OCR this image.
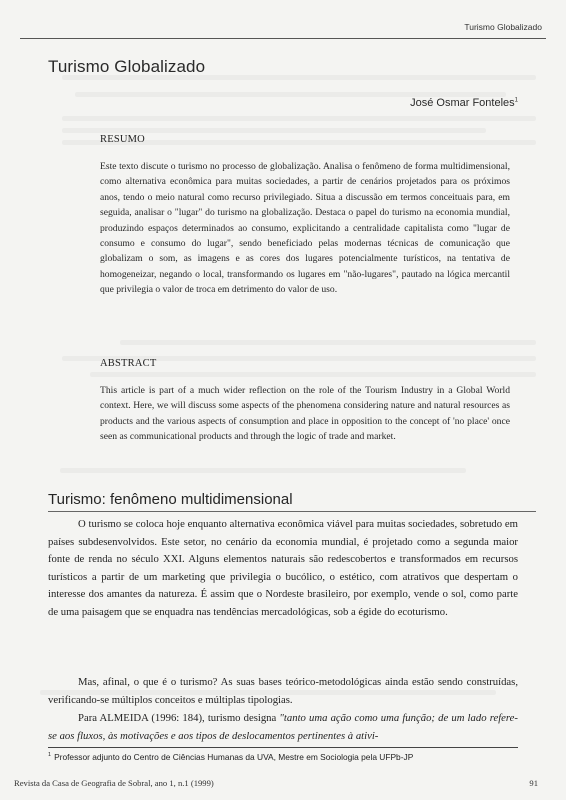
Turismo Globalizado
Turismo Globalizado
José Osmar Fonteles$^1$
RESUMO

Este texto discute o turismo no processo de globalização. Analisa o fenômeno de forma multidimensional, como alternativa econômica para muitas sociedades, a partir de cenários projetados para os próximos anos, tendo o meio natural como recurso privilegiado. Situa a discussão em termos conceituais para, em seguida, analisar o "lugar" do turismo na globalização. Destaca o papel do turismo na economia mundial, produzindo espaços determinados ao consumo, explicitando a centralidade capitalista como "lugar de consumo e consumo do lugar", sendo beneficiado pelas modernas técnicas de comunicação que globalizam o som, as imagens e as cores dos lugares potencialmente turísticos, na tentativa de homogeneizar, negando o local, transformando os lugares em "não-lugares", pautado na lógica mercantil que privilegia o valor de troca em detrimento do valor de uso.

ABSTRACT

This article is part of a much wider reflection on the role of the Tourism Industry in a Global World context. Here, we will discuss some aspects of the phenomena considering nature and natural resources as products and the various aspects of consumption and place in opposition to the concept of 'no place' once seen as communicational products and through the logic of trade and market.

Turismo: fenômeno multidimensional

O turismo se coloca hoje enquanto alternativa econômica viável para muitas sociedades, sobretudo em países subdesenvolvidos. Este setor, no cenário da economia mundial, é projetado como a segunda maior fonte de renda no século XXI. Alguns elementos naturais são redescobertos e transformados em recursos turísticos a partir de um marketing que privilegia o bucólico, o estético, com atrativos que despertam o interesse dos amantes da natureza. É assim que o Nordeste brasileiro, por exemplo, vende o sol, como parte de uma paisagem que se enquadra nas tendências mercadológicas, sob a égide do ecoturismo.

Mas, afinal, o que é o turismo? As suas bases teórico-metodológicas ainda estão sendo construídas, verificando-se múltiplos conceitos e múltiplas tipologias.

Para ALMEIDA (1996: 184), turismo designa "tanto uma ação como uma função; de um lado refere-se aos fluxos, às motivações e aos tipos de deslocamentos pertinentes à ativi-

$^1$ Professor adjunto do Centro de Ciências Humanas da UVA, Mestre em Sociologia pela UFPb-JP
Revista da Casa de Geografia de Sobral, ano 1, n.1 (1999)	91
